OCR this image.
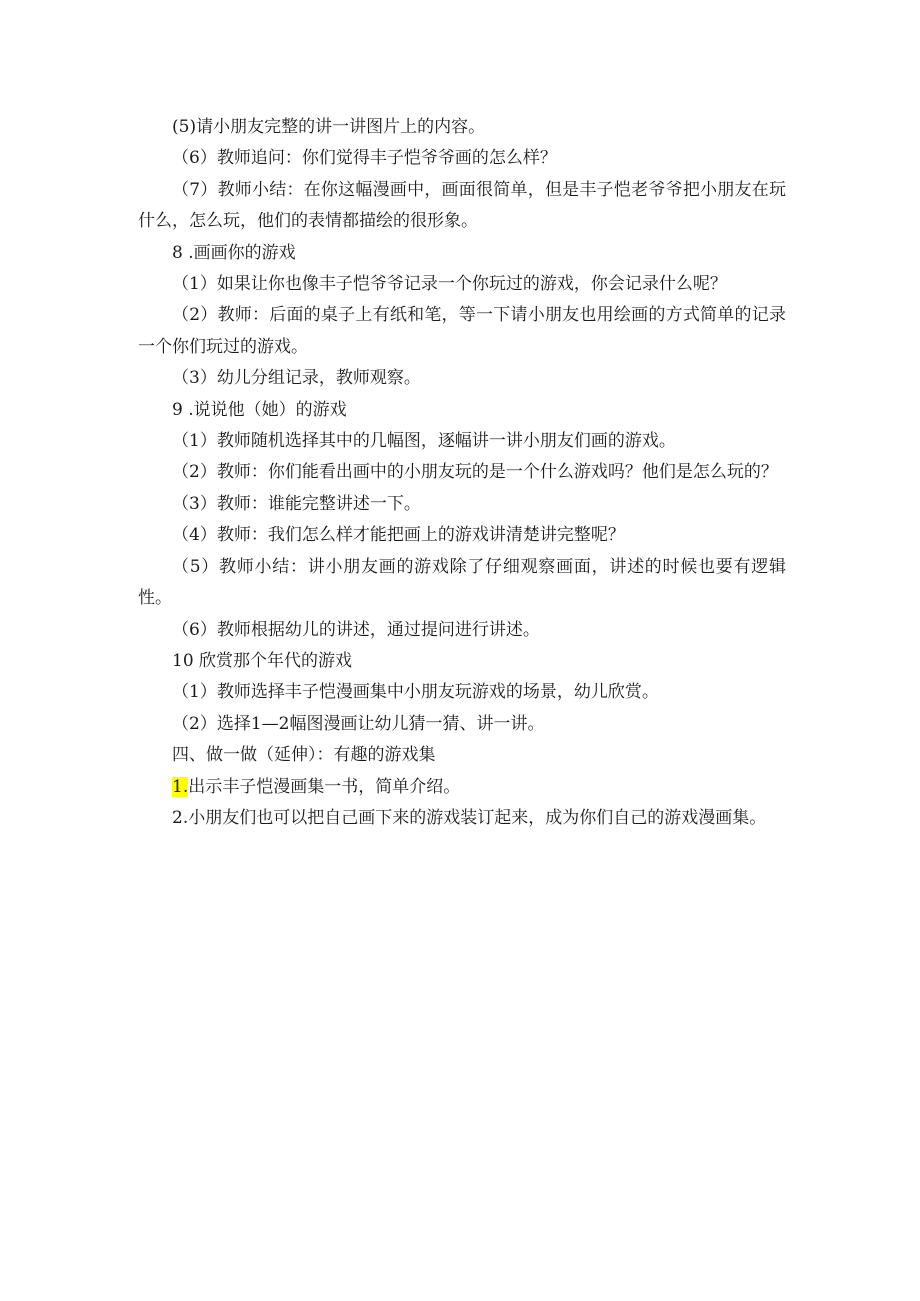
(5)请小朋友完整的讲一讲图片上的内容。

（6）教师追问：你们觉得丰子恺爷爷画的怎么样？

（7）教师小结：在你这幅漫画中，画面很简单，但是丰子恺老爷爷把小朋友在玩什么，怎么玩，他们的表情都描绘的很形象。

8 .画画你的游戏

（1）如果让你也像丰子恺爷爷记录一个你玩过的游戏，你会记录什么呢？

（2）教师：后面的桌子上有纸和笔，等一下请小朋友也用绘画的方式简单的记录一个你们玩过的游戏。

（3）幼儿分组记录，教师观察。

9 .说说他（她）的游戏

（1）教师随机选择其中的几幅图，逐幅讲一讲小朋友们画的游戏。

（2）教师：你们能看出画中的小朋友玩的是一个什么游戏吗？他们是怎么玩的？

（3）教师：谁能完整讲述一下。

（4）教师：我们怎么样才能把画上的游戏讲清楚讲完整呢？

（5）教师小结：讲小朋友画的游戏除了仔细观察画面，讲述的时候也要有逻辑性。

（6）教师根据幼儿的讲述，通过提问进行讲述。

10 欣赏那个年代的游戏

（1）教师选择丰子恺漫画集中小朋友玩游戏的场景，幼儿欣赏。

（2）选择1—2幅图漫画让幼儿猜一猜、讲一讲。

四、做一做（延伸）：有趣的游戏集

1.出示丰子恺漫画集一书，简单介绍。

2.小朋友们也可以把自己画下来的游戏装订起来，成为你们自己的游戏漫画集。
